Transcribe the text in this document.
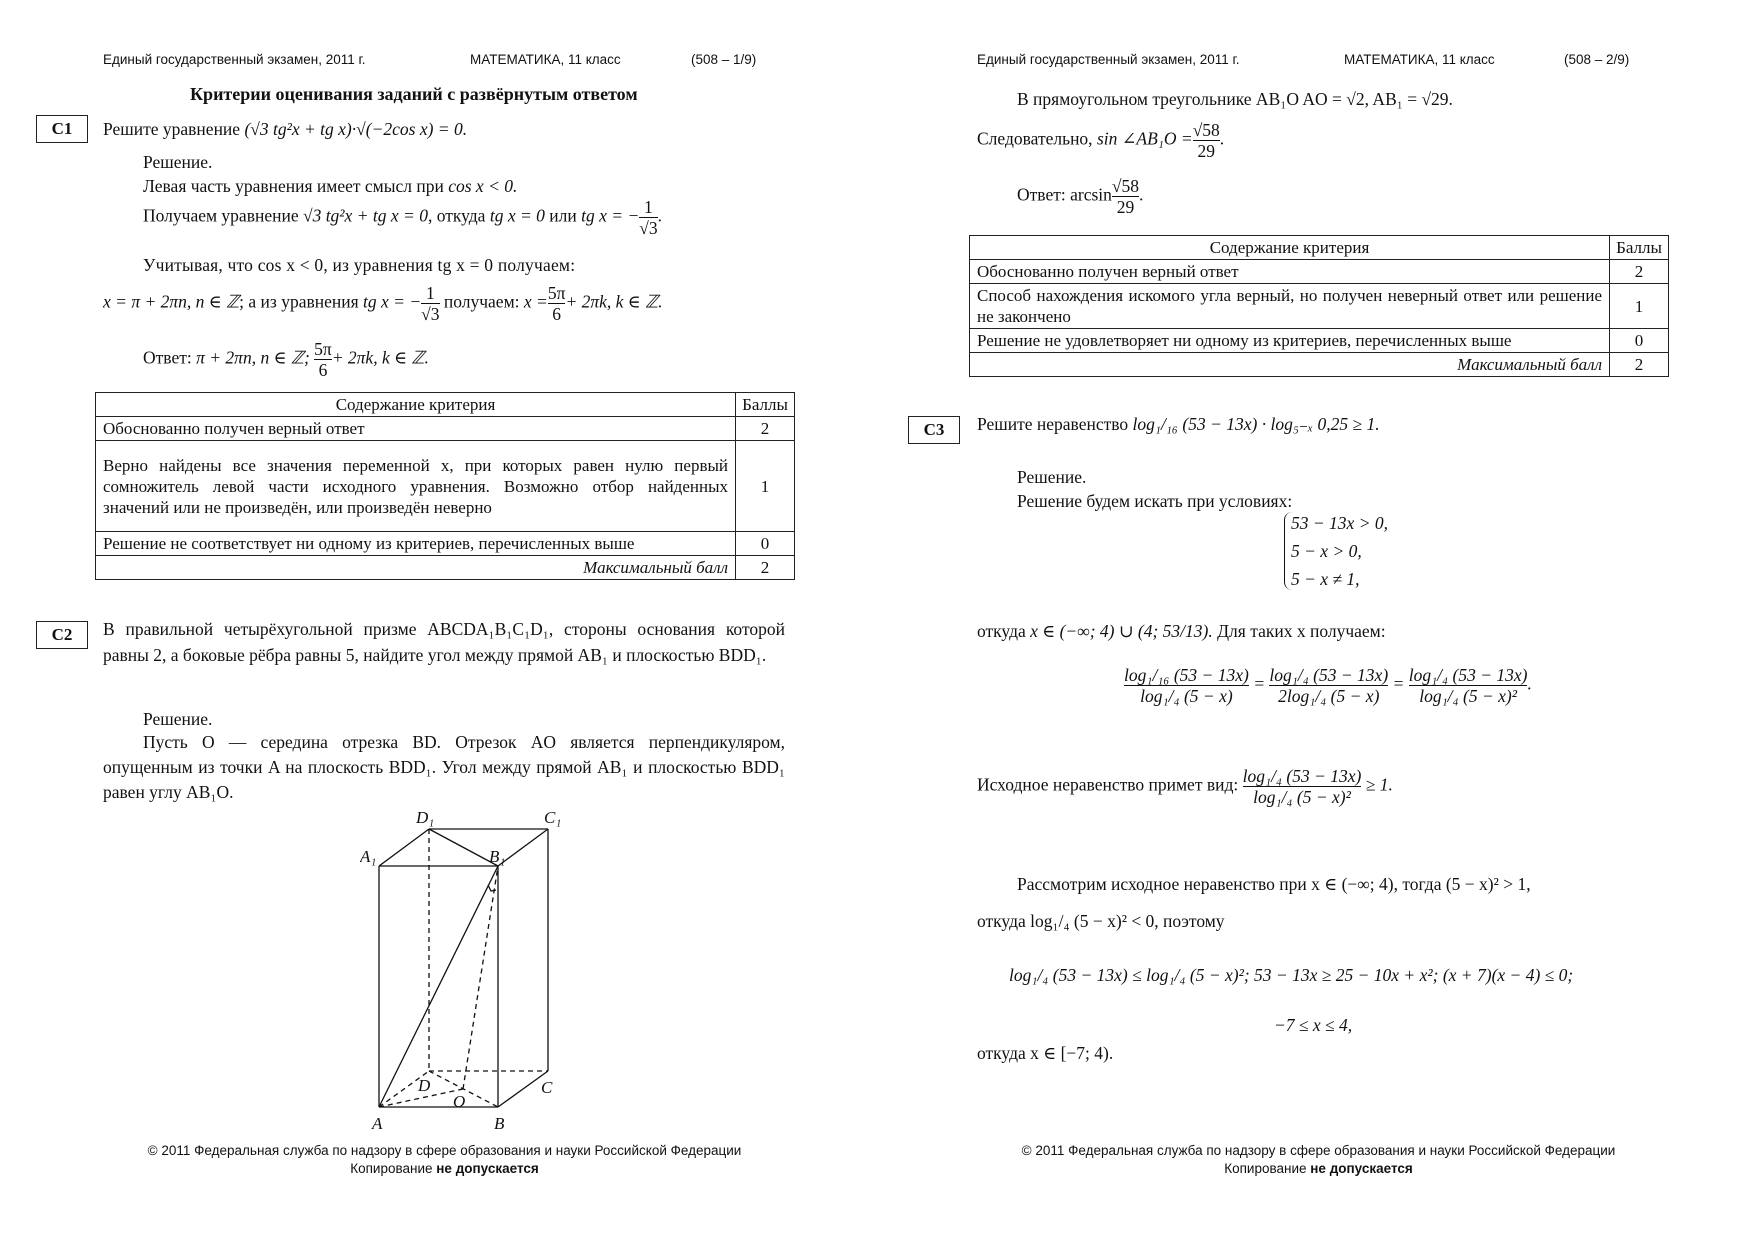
Единый государственный экзамен, 2011 г.	МАТЕМАТИКА, 11 класс	(508 – 1/9)
Критерии оценивания заданий с развёрнутым ответом
С1	Решите уравнение (√3 tg²x + tg x)·√(−2cos x) = 0.
Решение.
Левая часть уравнения имеет смысл при cos x < 0.
Получаем уравнение √3 tg²x + tg x = 0, откуда tg x = 0 или tg x = − $\frac{1}{√3}$ .
Учитывая, что cos x < 0, из уравнения tg x = 0 получаем:
x = π + 2πn, n ∈ ℤ; а из уравнения tg x = − $\frac{1}{√3}$ получаем: $x = \frac{5\pi}{6} + 2\pi k$, k ∈ ℤ.
Ответ: π + 2πn, n ∈ ℤ; $\frac{5\pi}{6} + 2\pi k$, k ∈ ℤ.
Содержание критерия	Баллы
Обоснованно получен верный ответ	2
Верно найдены все значения переменной x, при которых равен нулю первый сомножитель левой части исходного уравнения. Возможно отбор найденных значений или не произведён, или произведён неверно	1
Решение не соответствует ни одному из критериев, перечисленных выше	0
Максимальный балл	2
С2	В правильной четырёхугольной призме ABCDA₁B₁C₁D₁, стороны основания которой равны 2, а боковые рёбра равны 5, найдите угол между прямой AB₁ и плоскостью BDD₁.
Решение.
Пусть O — середина отрезка BD. Отрезок AO является перпендикуляром, опущенным из точки A на плоскость BDD₁. Угол между прямой AB₁ и плоскостью BDD₁ равен углу AB₁O.
D₁	C₁
A₁	B₁
D	C
O
A	B
© 2011 Федеральная служба по надзору в сфере образования и науки Российской Федерации
Копирование не допускается
Единый государственный экзамен, 2011 г.	МАТЕМАТИКА, 11 класс	(508 – 2/9)
В прямоугольном треугольнике AB₁O AO = √2, AB₁ = √29.
Следовательно, sin ∠AB₁O = $\frac{√58}{29}$ .
Ответ: $\arcsin \frac{√58}{29}$ .
Содержание критерия	Баллы
Обоснованно получен верный ответ	2
Способ нахождения искомого угла верный, но получен неверный ответ или решение не закончено	1
Решение не удовлетворяет ни одному из критериев, перечисленных выше	0
Максимальный балл	2
С3	Решите неравенство log₁/₁₆ (53 − 13x) · log₅₋ₓ 0,25 ≥ 1.
Решение.
Решение будем искать при условиях:
53 − 13x > 0,
5 − x > 0,
5 − x ≠ 1,
откуда x ∈ (−∞; 4) ∪ (4; 53/13). Для таких x получаем:
$\frac{\text{log₁/₁₆ (53 − 13x)}}{\text{log₁/₄ (5 − x)}} = \frac{\text{log₁/₄ (53 − 13x)}}{\text{2log₁/₄ (5 − x)}} = \frac{\text{log₁/₄ (53 − 13x)}}{\text{log₁/₄ (5 − x)²}}$ .
Исходное неравенство примет вид: $\frac{\text{log₁/₄ (53 − 13x)}}{\text{log₁/₄ (5 − x)²}} \ge 1$.
Рассмотрим исходное неравенство при x ∈ (−∞; 4), тогда (5 − x)² > 1,
откуда log₁/₄ (5 − x)² < 0, поэтому
log₁/₄ (53 − 13x) ≤ log₁/₄ (5 − x)²; 53 − 13x ≥ 25 − 10x + x²; (x + 7)(x − 4) ≤ 0;
−7 ≤ x ≤ 4,
откуда x ∈ [−7; 4).
© 2011 Федеральная служба по надзору в сфере образования и науки Российской Федерации
Копирование не допускается
